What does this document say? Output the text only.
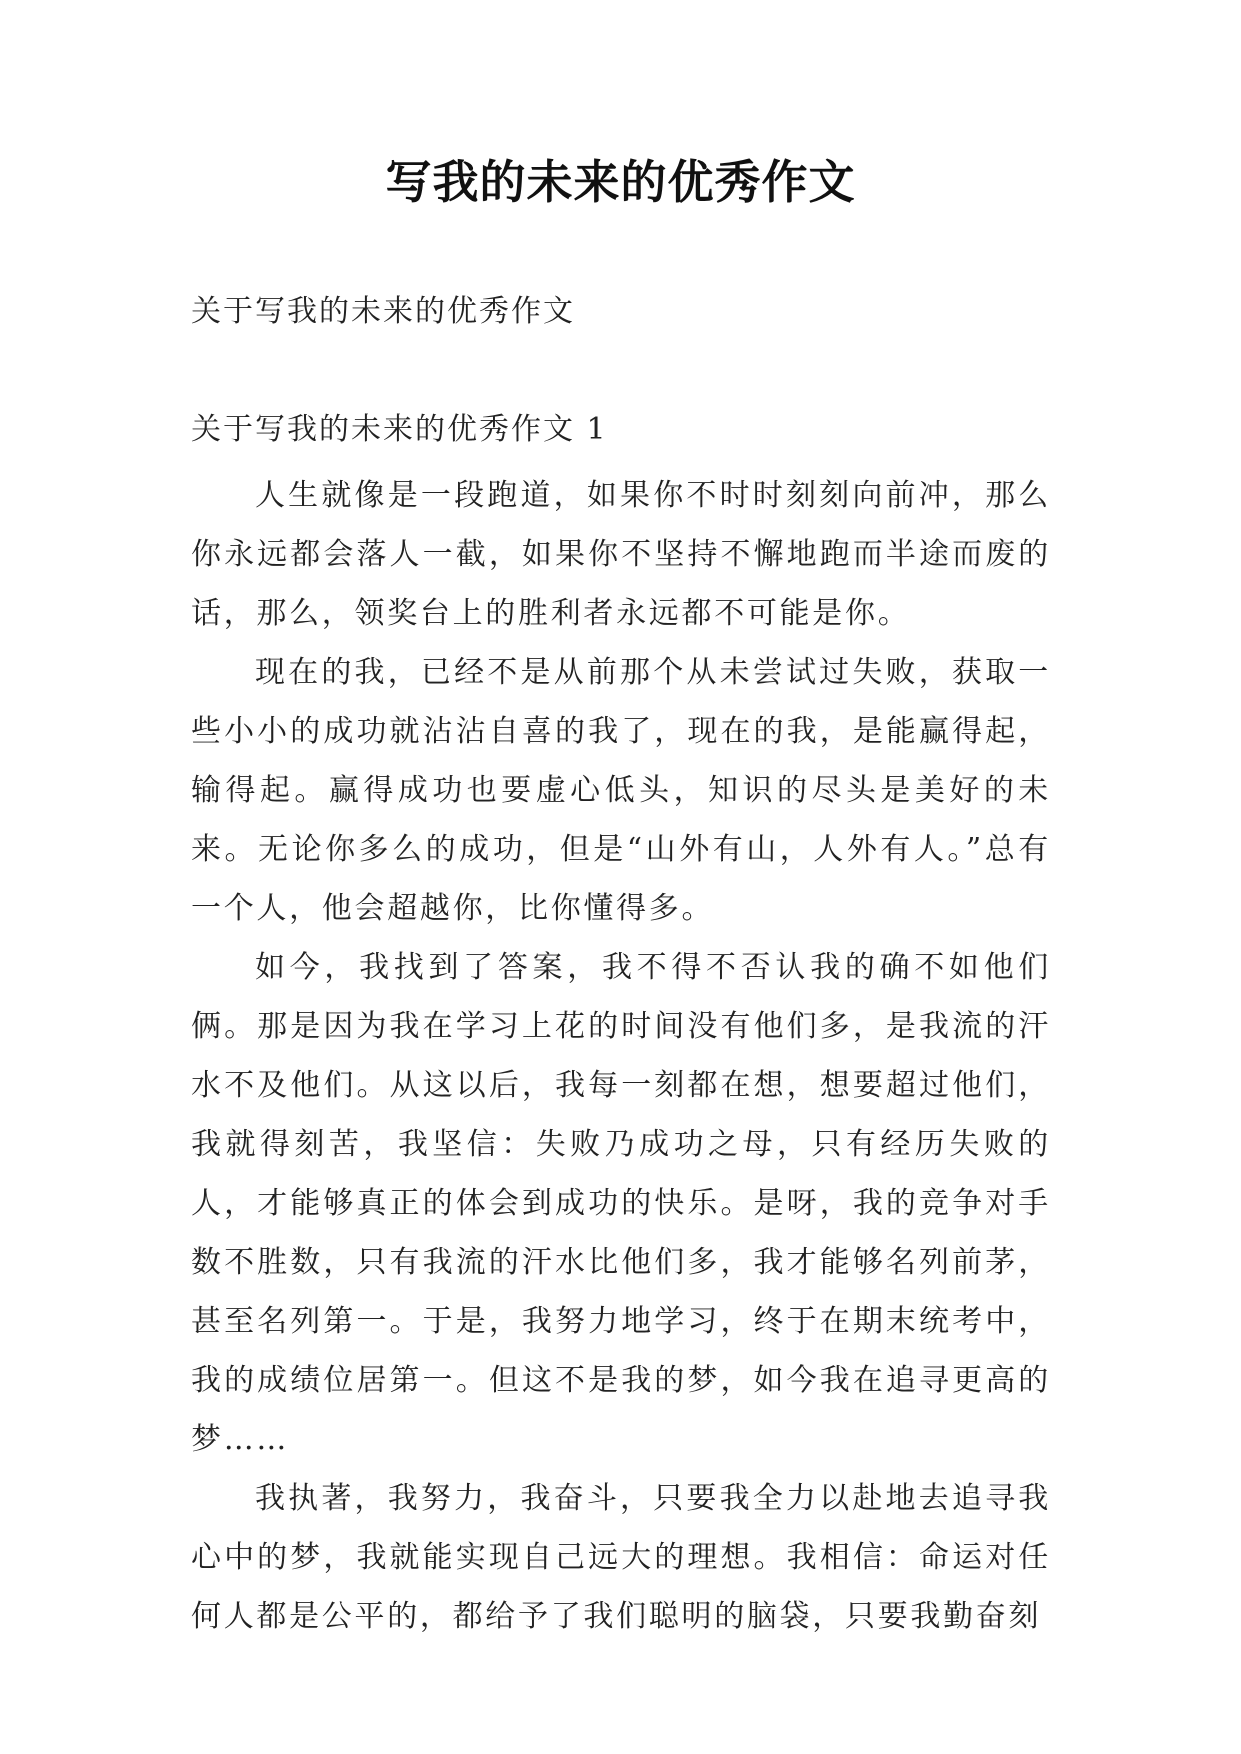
写我的未来的优秀作文
关于写我的未来的优秀作文
关于写我的未来的优秀作文 1

人生就像是一段跑道，如果你不时时刻刻向前冲，那么你永远都会落人一截，如果你不坚持不懈地跑而半途而废的话，那么，领奖台上的胜利者永远都不可能是你。

现在的我，已经不是从前那个从未尝试过失败，获取一些小小的成功就沾沾自喜的我了，现在的我，是能赢得起，输得起。赢得成功也要虚心低头，知识的尽头是美好的未来。无论你多么的成功，但是“山外有山，人外有人。”总有一个人，他会超越你，比你懂得多。

如今，我找到了答案，我不得不否认我的确不如他们俩。那是因为我在学习上花的时间没有他们多，是我流的汗水不及他们。从这以后，我每一刻都在想，想要超过他们，我就得刻苦，我坚信：失败乃成功之母，只有经历失败的人，才能够真正的体会到成功的快乐。是呀，我的竞争对手数不胜数，只有我流的汗水比他们多，我才能够名列前茅，甚至名列第一。于是，我努力地学习，终于在期末统考中，我的成绩位居第一。但这不是我的梦，如今我在追寻更高的梦……

我执著，我努力，我奋斗，只要我全力以赴地去追寻我心中的梦，我就能实现自己远大的理想。我相信：命运对任何人都是公平的，都给予了我们聪明的脑袋，只要我勤奋刻
